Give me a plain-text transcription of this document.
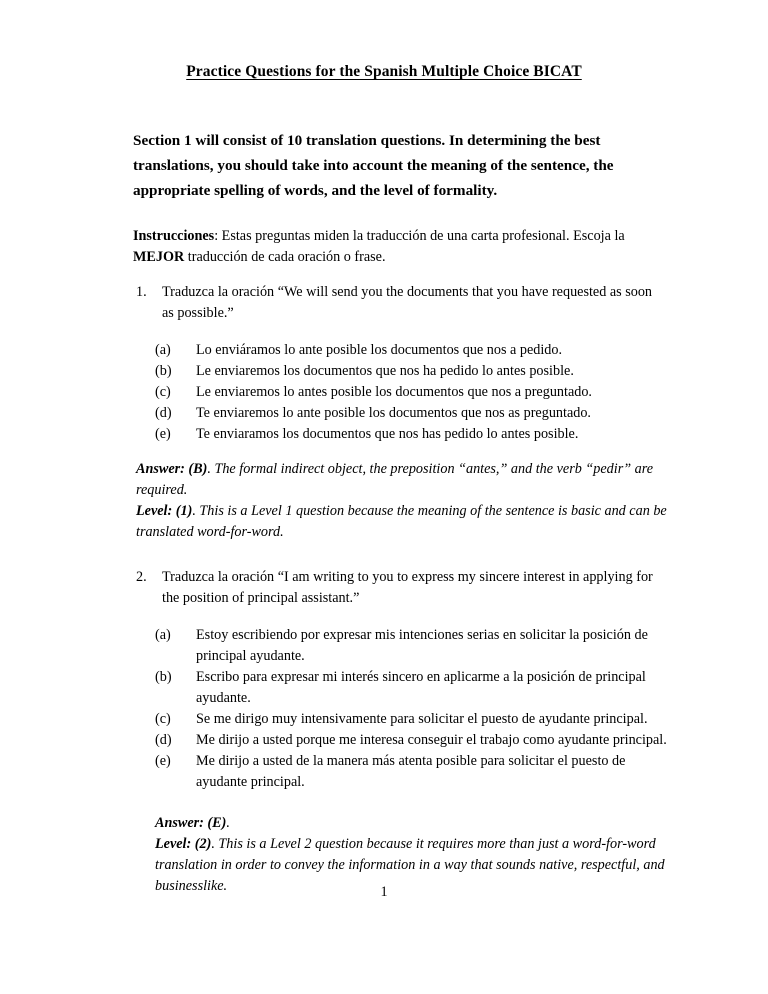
Practice Questions for the Spanish Multiple Choice BICAT

Section 1 will consist of 10 translation questions. In determining the best translations, you should take into account the meaning of the sentence, the appropriate spelling of words, and the level of formality.

Instrucciones: Estas preguntas miden la traducción de una carta profesional. Escoja la MEJOR traducción de cada oración o frase.

1.	Traduzca la oración “We will send you the documents that you have requested as soon as possible.”
(a)	Lo enviáramos lo ante posible los documentos que nos a pedido.
(b)	Le enviaremos los documentos que nos ha pedido lo antes posible.
(c)	Le enviaremos lo antes posible los documentos que nos a preguntado.
(d)	Te enviaremos lo ante posible los documentos que nos as preguntado.
(e)	Te enviaramos los documentos que nos has pedido lo antes posible.
Answer: (B). The formal indirect object, the preposition “antes,” and the verb “pedir” are required.
Level: (1). This is a Level 1 question because the meaning of the sentence is basic and can be translated word-for-word.
2.	Traduzca la oración “I am writing to you to express my sincere interest in applying for the position of principal assistant.”
(a)	Estoy escribiendo por expresar mis intenciones serias en solicitar la posición de principal ayudante.
(b)	Escribo para expresar mi interés sincero en aplicarme a la posición de principal ayudante.
(c)	Se me dirigo muy intensivamente para solicitar el puesto de ayudante principal.
(d)	Me dirijo a usted porque me interesa conseguir el trabajo como ayudante principal.
(e)	Me dirijo a usted de la manera más atenta posible para solicitar el puesto de ayudante principal.
Answer: (E).
Level: (2). This is a Level 2 question because it requires more than just a word-for-word translation in order to convey the information in a way that sounds native, respectful, and businesslike.	1
